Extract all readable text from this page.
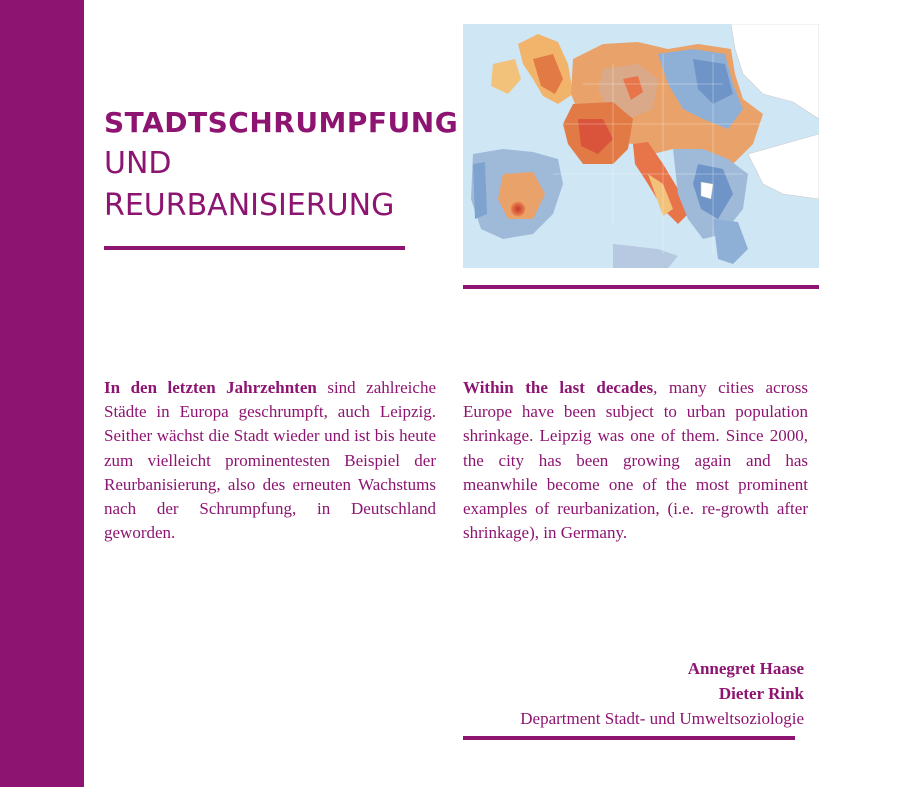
STADTSCHRUMPFUNG
UND
REURBANISIERUNG
In den letzten Jahrzehnten sind zahlreiche Städte in Europa geschrumpft, auch Leipzig. Seither wächst die Stadt wieder und ist bis heute zum vielleicht prominentesten Beispiel der Reurbanisierung, also des erneuten Wachstums nach der Schrumpfung, in Deutschland geworden.
Within the last decades, many cities across Europe have been subject to urban population shrinkage. Leipzig was one of them. Since 2000, the city has been growing again and has meanwhile become one of the most prominent examples of reurbanization, (i.e. re-growth after shrinkage), in Germany.
Annegret Haase
Dieter Rink
Department Stadt- und Umweltsoziologie
